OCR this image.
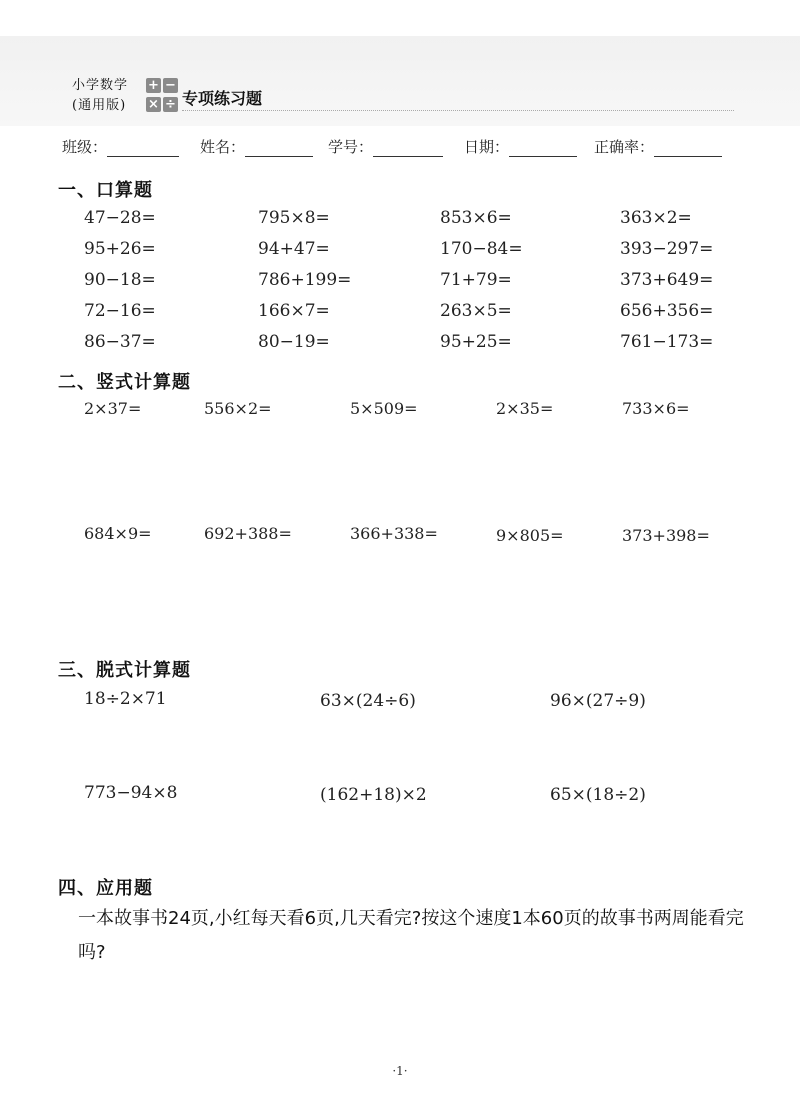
小学数学
(通用版)
+ −
× ÷ 专项练习题
班级：	姓名：	学号：	日期：	正确率：
一、口算题
47−28=	795×8=	853×6=	363×2=
95+26=	94+47=	170−84=	393−297=
90−18=	786+199=	71+79=	373+649=
72−16=	166×7=	263×5=	656+356=
86−37=	80−19=	95+25=	761−173=
二、竖式计算题
2×37=	556×2=	5×509=	2×35=	733×6=
684×9=	692+388=	366+338=	9×805=	373+398=
三、脱式计算题
18÷2×71	63×(24÷6)	96×(27÷9)
773−94×8	(162+18)×2	65×(18÷2)
四、应用题
一本故事书24页,小红每天看6页,几天看完?按这个速度1本60页的故事书两周能看完吗?
·1·
